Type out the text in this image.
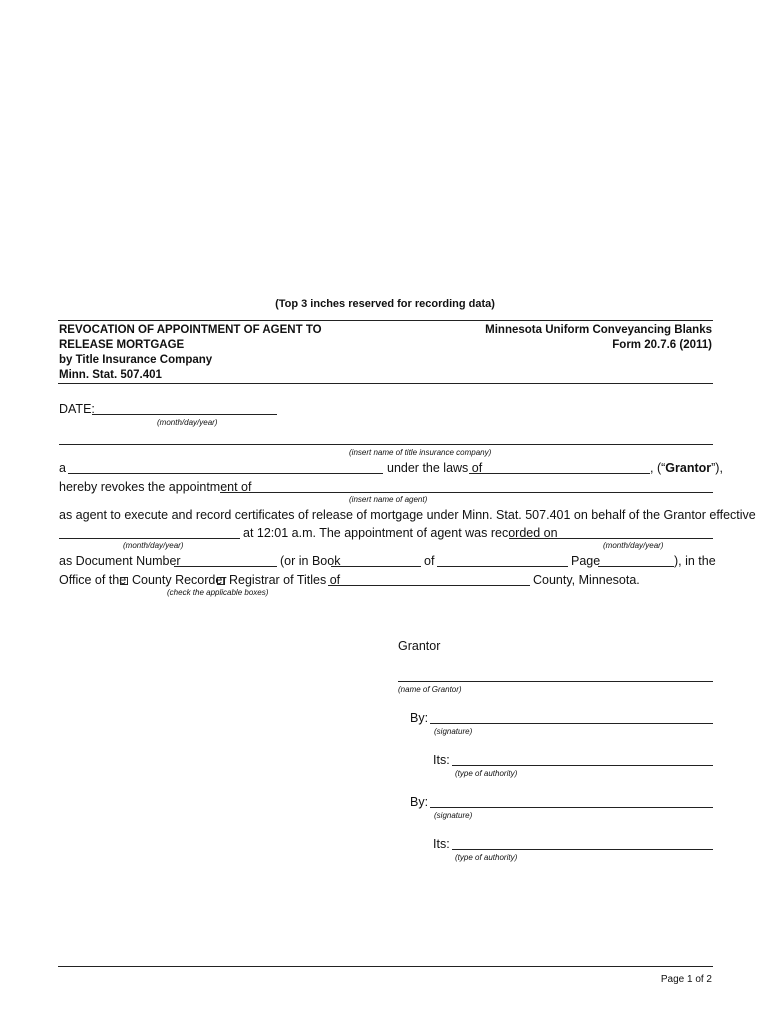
(Top 3 inches reserved for recording data)
REVOCATION OF APPOINTMENT OF AGENT TO
RELEASE MORTGAGE
by Title Insurance Company
Minn. Stat. 507.401
Minnesota Uniform Conveyancing Blanks
Form 20.7.6 (2011)
DATE:
(month/day/year)
(insert name of title insurance company)
a	under the laws of	, (“Grantor”),
hereby revokes the appointment of
(insert name of agent)
as agent to execute and record certificates of release of mortgage under Minn. Stat. 507.401 on behalf of the Grantor effective
at 12:01 a.m. The appointment of agent was recorded on
(month/day/year)	(month/day/year)
as Document Number	(or in Book	of	Page	), in the
Office of the County Recorder Registrar of Titles of	County, Minnesota.
(check the applicable boxes)
Grantor
(name of Grantor)
By:
(signature)
Its:
(type of authority)
By:
(signature)
Its:
(type of authority)
Page 1 of 2
